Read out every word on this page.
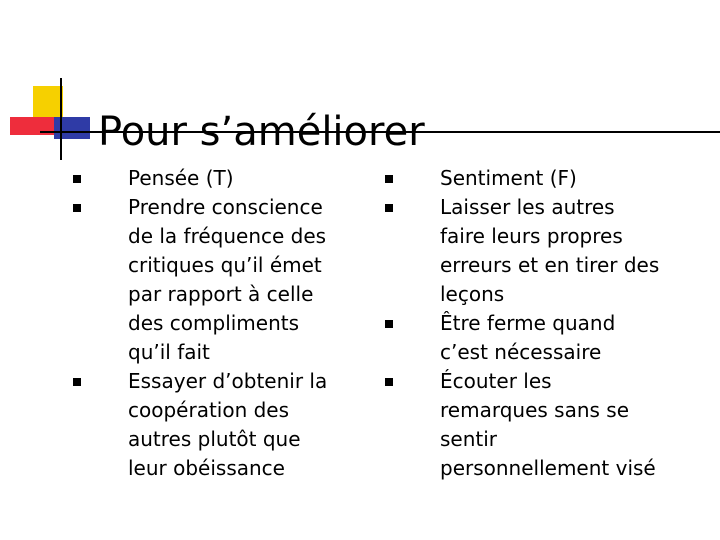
Pour s’améliorer
Pensée (T)
Prendre conscience de la fréquence des critiques qu’il émet par rapport à celle des compliments qu’il fait
Essayer d’obtenir la coopération des autres plutôt que leur obéissance
Sentiment (F)
Laisser les autres faire leurs propres erreurs et en tirer des leçons
Être ferme quand c’est nécessaire
Écouter les remarques sans se sentir personnellement visé
